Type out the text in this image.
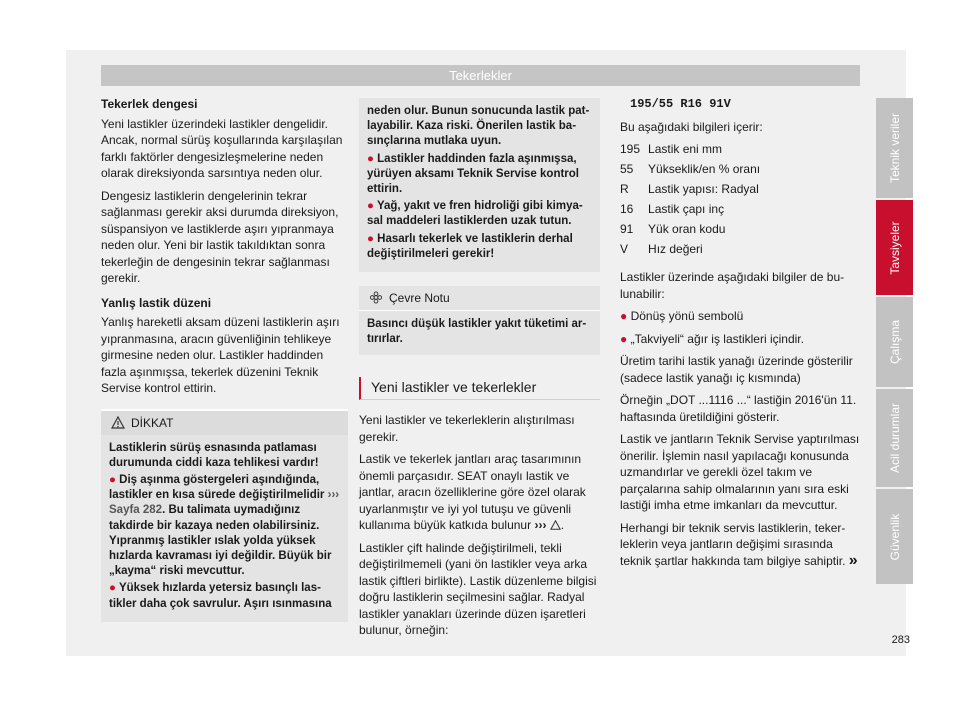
Tekerlekler
Tekerlek dengesi

Yeni lastikler üzerindeki lastikler dengelidir. Ancak, normal sürüş koşullarında karşılaşılan farklı faktörler dengesizleşmelerine neden olarak direksiyonda sarsıntıya neden olur.

Dengesiz lastiklerin dengelerinin tekrar sağlanması gerekir aksi durumda direksiyon, süspansiyon ve lastiklerde aşırı yıpranmaya neden olur. Yeni bir lastik takıldıktan sonra tekerleğin de dengesinin tekrar sağlanması gerekir.

Yanlış lastik düzeni

Yanlış hareketli aksam düzeni lastiklerin aşırı yıpranmasına, aracın güvenliğinin tehlikeye girmesine neden olur. Lastikler haddinden fazla aşınmışsa, tekerlek düzenini Teknik Servise kontrol ettirin.

DİKKAT

Lastiklerin sürüş esnasında patlaması durumunda ciddi kaza tehlikesi vardır!

● Diş aşınma göstergeleri aşındığında, lastikler en kısa sürede değiştirilmelidir ››› Sayfa 282. Bu talimata uymadığınız takdirde bir kazaya neden olabilirsiniz. Yıpranmış lastikler ıslak yolda yüksek hızlarda kavraması iyi değildir. Büyük bir „kayma“ riski mevcuttur.

● Yüksek hızlarda yetersiz basınçlı lastikler daha çok savrulur. Aşırı ısınmasına

neden olur. Bunun sonucunda lastik patlayabilir. Kaza riski. Önerilen lastik basınçlarına mutlaka uyun.

● Lastikler haddinden fazla aşınmışsa, yürüyen aksamı Teknik Servise kontrol ettirin.

● Yağ, yakıt ve fren hidroliği gibi kimyasal maddeleri lastiklerden uzak tutun.

● Hasarlı tekerlek ve lastiklerin derhal değiştirilmeleri gerekir!

Çevre Notu
Basıncı düşük lastikler yakıt tüketimi artırırlar.
Yeni lastikler ve tekerlekler

Yeni lastikler ve tekerleklerin alıştırılması gerekir.

Lastik ve tekerlek jantları araç tasarımının önemli parçasıdır. SEAT onaylı lastik ve jantlar, aracın özelliklerine göre özel olarak uyarlanmıştır ve iyi yol tutuşu ve güvenli kullanıma büyük katkıda bulunur ››› .

Lastikler çift halinde değiştirilmeli, tekli değiştirilmemeli (yani ön lastikler veya arka lastik çiftleri birlikte). Lastik düzenleme bilgisi doğru lastiklerin seçilmesini sağlar. Radyal lastikler yanakları üzerinde düzen işaretleri bulunur, örneğin:

195/55 R16 91V

Bu aşağıdaki bilgileri içerir:

195	Lastik eni mm
55	Yükseklik/en % oranı
R	Lastik yapısı: Radyal
16	Lastik çapı inç
91	Yük oran kodu
V	Hız değeri

Lastikler üzerinde aşağıdaki bilgiler de bulunabilir:

● Dönüş yönü sembolü

● „Takviyeli“ ağır iş lastikleri içindir.

Üretim tarihi lastik yanağı üzerinde gösterilir (sadece lastik yanağı iç kısmında)

Örneğin „DOT ...1116 ...“ lastiğin 2016'ün 11. haftasında üretildiğini gösterir.

Lastik ve jantların Teknik Servise yaptırılması önerilir. İşlemin nasıl yapılacağı konusunda uzmandırlar ve gerekli özel takım ve parçalarına sahip olmalarının yanı sıra eski lastiği imha etme imkanları da mevcuttur.

Herhangi bir teknik servis lastiklerin, tekerleklerin veya jantların değişimi sırasında teknik şartlar hakkında tam bilgiye sahiptir. »

Teknik veriler
Tavsiyeler
Çalışma
Acil durumlar
Güvenlik
283
